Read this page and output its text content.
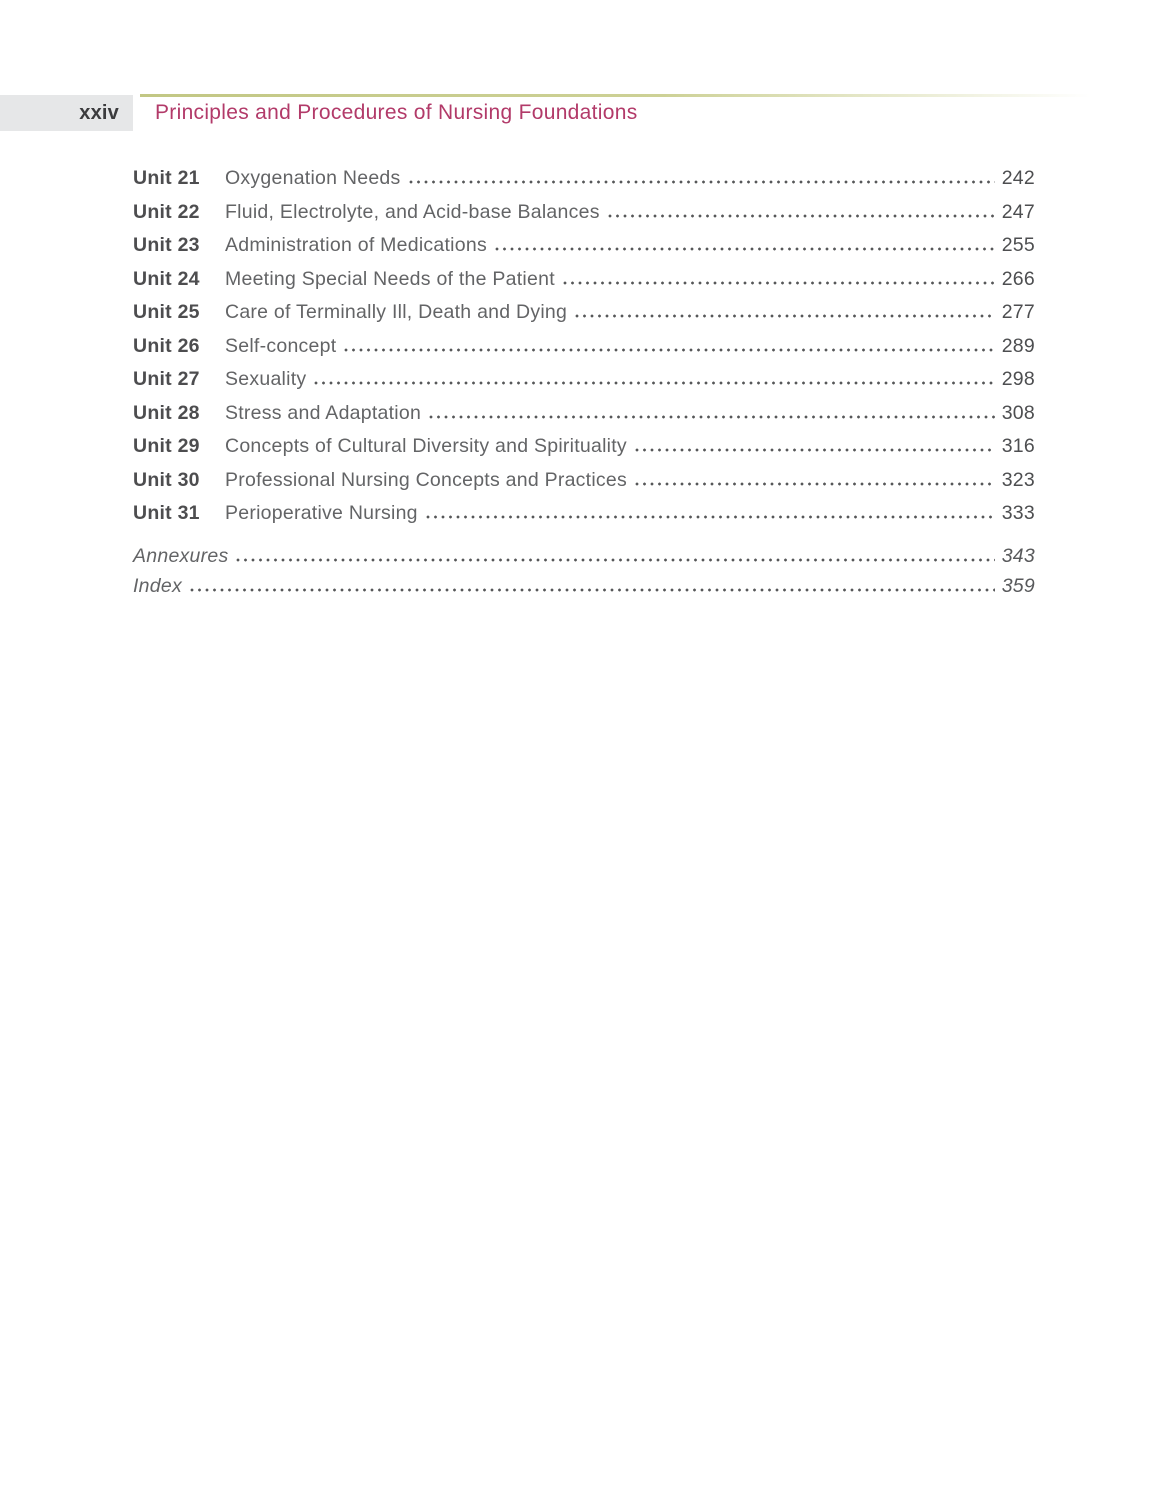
xxiv Principles and Procedures of Nursing Foundations
Unit 21	Oxygenation Needs	242
Unit 22	Fluid, Electrolyte, and Acid-base Balances	247
Unit 23	Administration of Medications	255
Unit 24	Meeting Special Needs of the Patient	266
Unit 25	Care of Terminally Ill, Death and Dying	277
Unit 26	Self-concept	289
Unit 27	Sexuality	298
Unit 28	Stress and Adaptation	308
Unit 29	Concepts of Cultural Diversity and Spirituality	316
Unit 30	Professional Nursing Concepts and Practices	323
Unit 31	Perioperative Nursing	333
Annexures	343
Index	359
